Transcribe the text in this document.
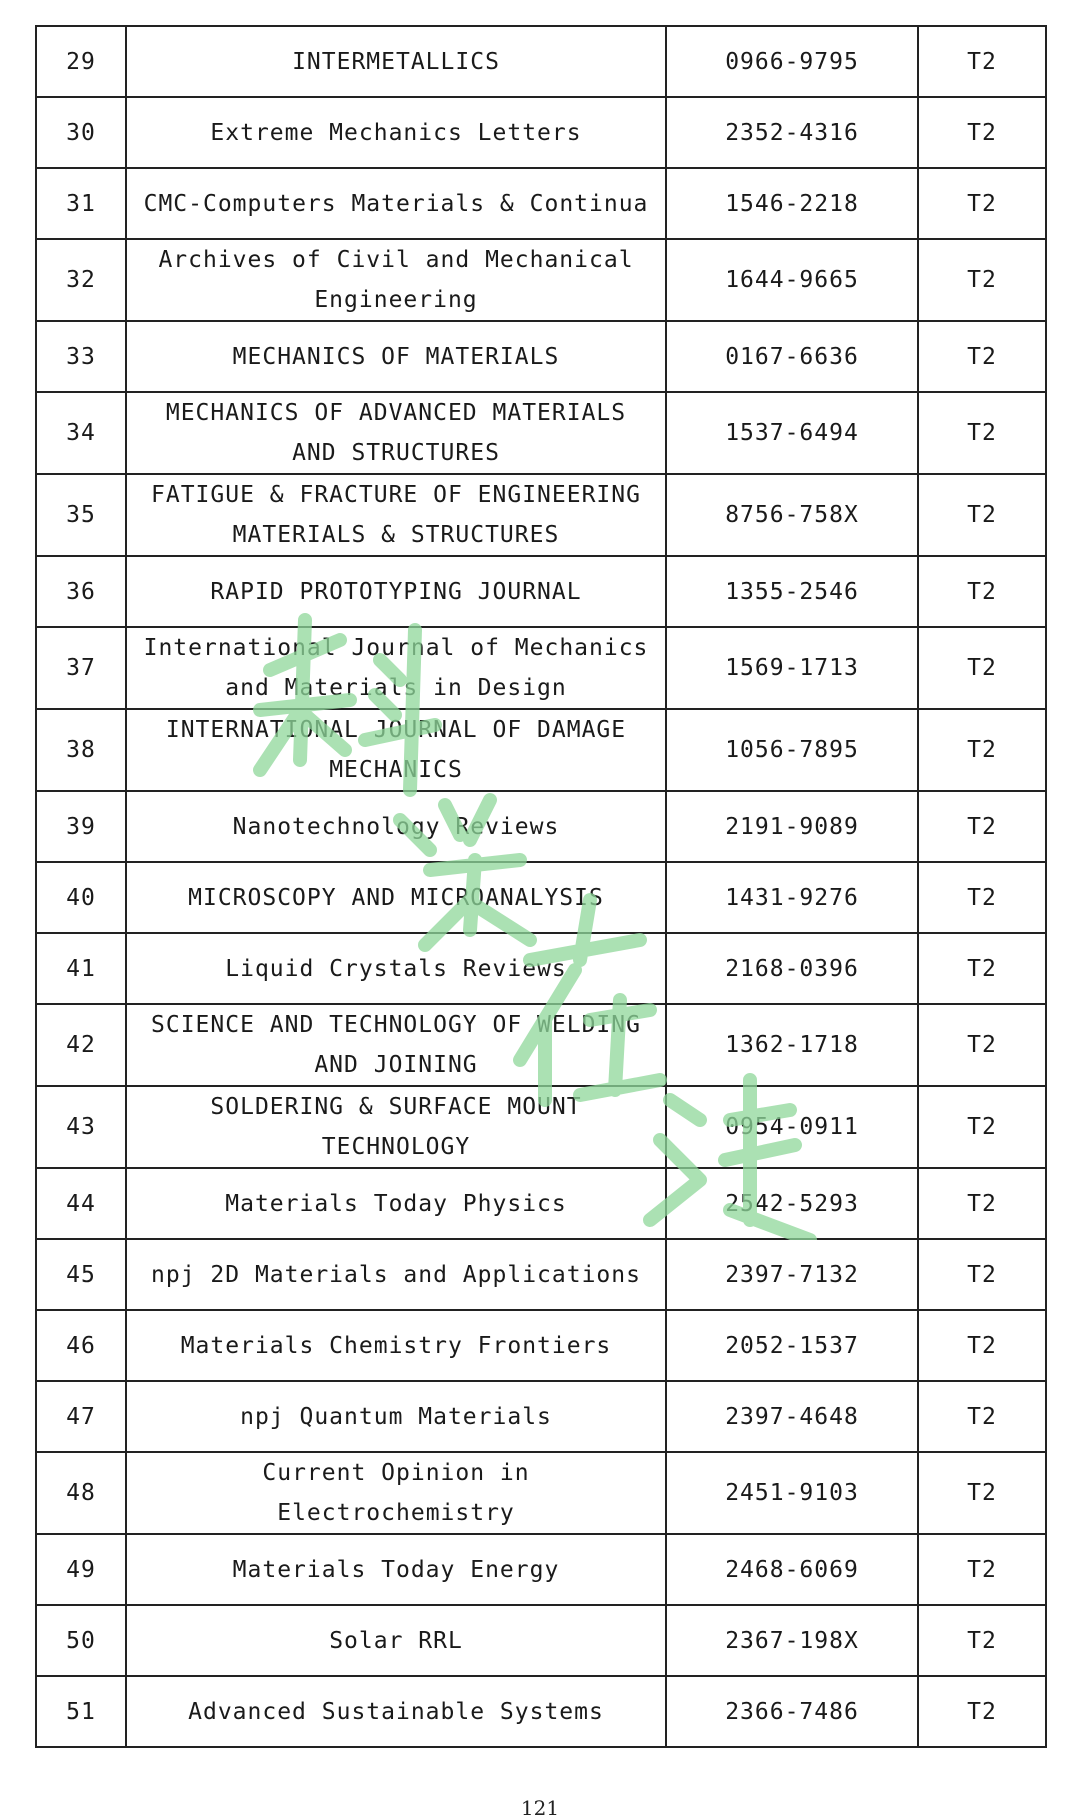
29	INTERMETALLICS	0966-9795	T2
30	Extreme Mechanics Letters	2352-4316	T2
31	CMC-Computers Materials & Continua	1546-2218	T2
32	Archives of Civil and Mechanical Engineering	1644-9665	T2
33	MECHANICS OF MATERIALS	0167-6636	T2
34	MECHANICS OF ADVANCED MATERIALS AND STRUCTURES	1537-6494	T2
35	FATIGUE & FRACTURE OF ENGINEERING MATERIALS & STRUCTURES	8756-758X	T2
36	RAPID PROTOTYPING JOURNAL	1355-2546	T2
37	International Journal of Mechanics and Materials in Design	1569-1713	T2
38	INTERNATIONAL JOURNAL OF DAMAGE MECHANICS	1056-7895	T2
39	Nanotechnology Reviews	2191-9089	T2
40	MICROSCOPY AND MICROANALYSIS	1431-9276	T2
41	Liquid Crystals Reviews	2168-0396	T2
42	SCIENCE AND TECHNOLOGY OF WELDING AND JOINING	1362-1718	T2
43	SOLDERING & SURFACE MOUNT TECHNOLOGY	0954-0911	T2
44	Materials Today Physics	2542-5293	T2
45	npj 2D Materials and Applications	2397-7132	T2
46	Materials Chemistry Frontiers	2052-1537	T2
47	npj Quantum Materials	2397-4648	T2
48	Current Opinion in Electrochemistry	2451-9103	T2
49	Materials Today Energy	2468-6069	T2
50	Solar RRL	2367-198X	T2
51	Advanced Sustainable Systems	2366-7486	T2
121
